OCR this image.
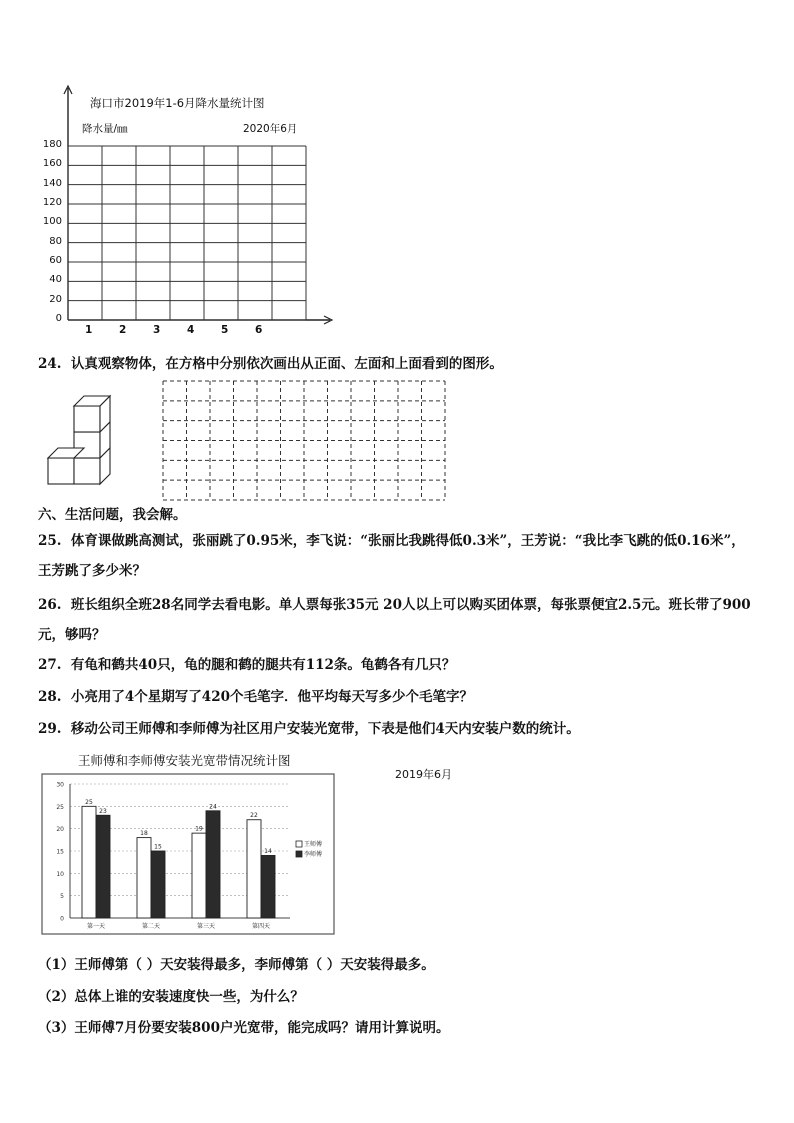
海口市2019年1-6月降水量统计图
降水量/㎜	2020年6月
180
160
140
120
100
80
60
40
20
0
1	2	3	4	5	6
24. 认真观察物体，在方格中分别依次画出从正面、左面和上面看到的图形。
六、生活问题，我会解。
25. 体育课做跳高测试，张丽跳了0.95米，李飞说：“张丽比我跳得低0.3米”，王芳说：“我比李飞跳的低0.16米”，
王芳跳了多少米？
26. 班长组织全班28名同学去看电影。单人票每张35元 20人以上可以购买团体票，每张票便宜2.5元。班长带了900
元，够吗？
27. 有龟和鹤共40只，龟的腿和鹤的腿共有112条。龟鹤各有几只？
28. 小亮用了4个星期写了420个毛笔字．他平均每天写多少个毛笔字？
29. 移动公司王师傅和李师傅为社区用户安装光宽带，下表是他们4天内安装户数的统计。
王师傅和李师傅安装光宽带情况统计图
2019年6月
0
5
10
15
20
25
30
25
23
第一天
18
15
第二天
19
24
第三天
22
14
第四天
王师傅
李师傅
（1）王师傅第（ ）天安装得最多，李师傅第（ ）天安装得最多。
（2）总体上谁的安装速度快一些，为什么？
（3）王师傅7月份要安装800户光宽带，能完成吗？请用计算说明。
